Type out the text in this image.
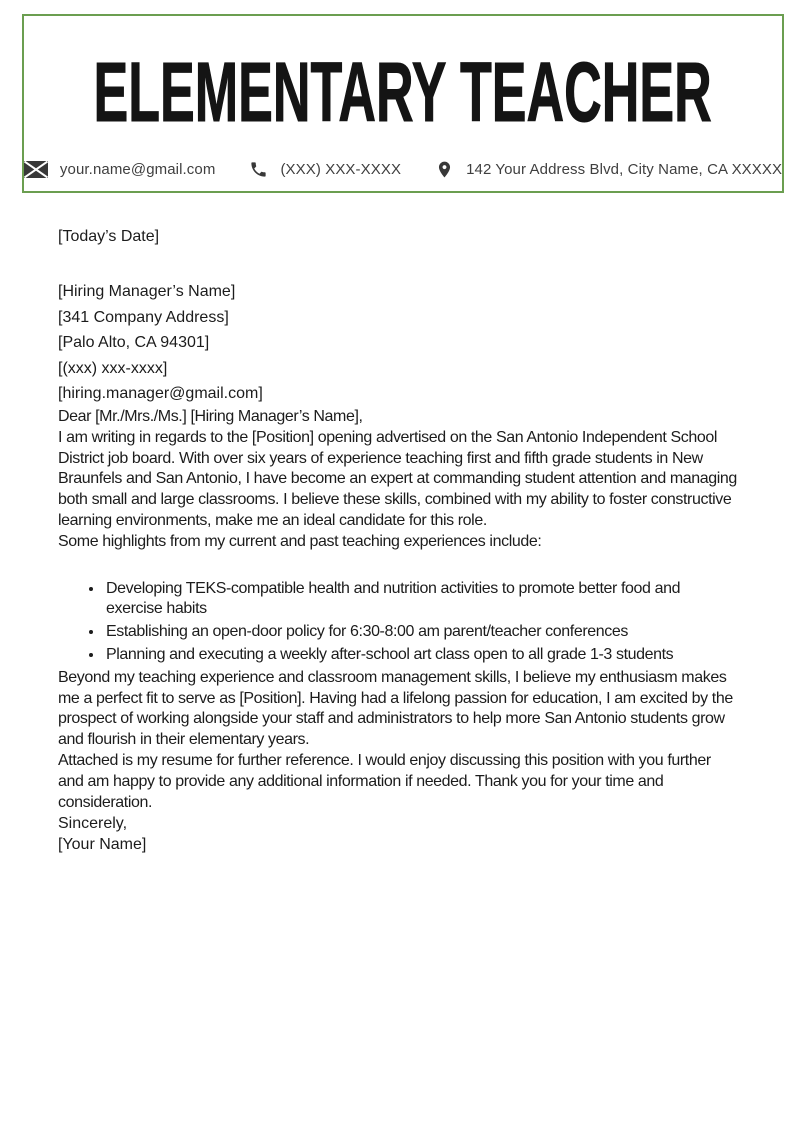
ELEMENTARY TEACHER
your.name@gmail.com	(XXX) XXX-XXXX	142 Your Address Blvd, City Name, CA XXXXX

[Today’s Date]

[Hiring Manager’s Name]

[341 Company Address]

[Palo Alto, CA 94301]

[(xxx) xxx-xxxx]

[hiring.manager@gmail.com]

Dear [Mr./Mrs./Ms.] [Hiring Manager’s Name],

I am writing in regards to the [Position] opening advertised on the San Antonio Independent School District job board. With over six years of experience teaching first and fifth grade students in New Braunfels and San Antonio, I have become an expert at commanding student attention and managing both small and large classrooms. I believe these skills, combined with my ability to foster constructive learning environments, make me an ideal candidate for this role.

Some highlights from my current and past teaching experiences include:

• Developing TEKS-compatible health and nutrition activities to promote better food and exercise habits
• Establishing an open-door policy for 6:30-8:00 am parent/teacher conferences
• Planning and executing a weekly after-school art class open to all grade 1-3 students

Beyond my teaching experience and classroom management skills, I believe my enthusiasm makes me a perfect fit to serve as [Position]. Having had a lifelong passion for education, I am excited by the prospect of working alongside your staff and administrators to help more San Antonio students grow and flourish in their elementary years.

Attached is my resume for further reference. I would enjoy discussing this position with you further and am happy to provide any additional information if needed. Thank you for your time and consideration.

Sincerely,

[Your Name]
